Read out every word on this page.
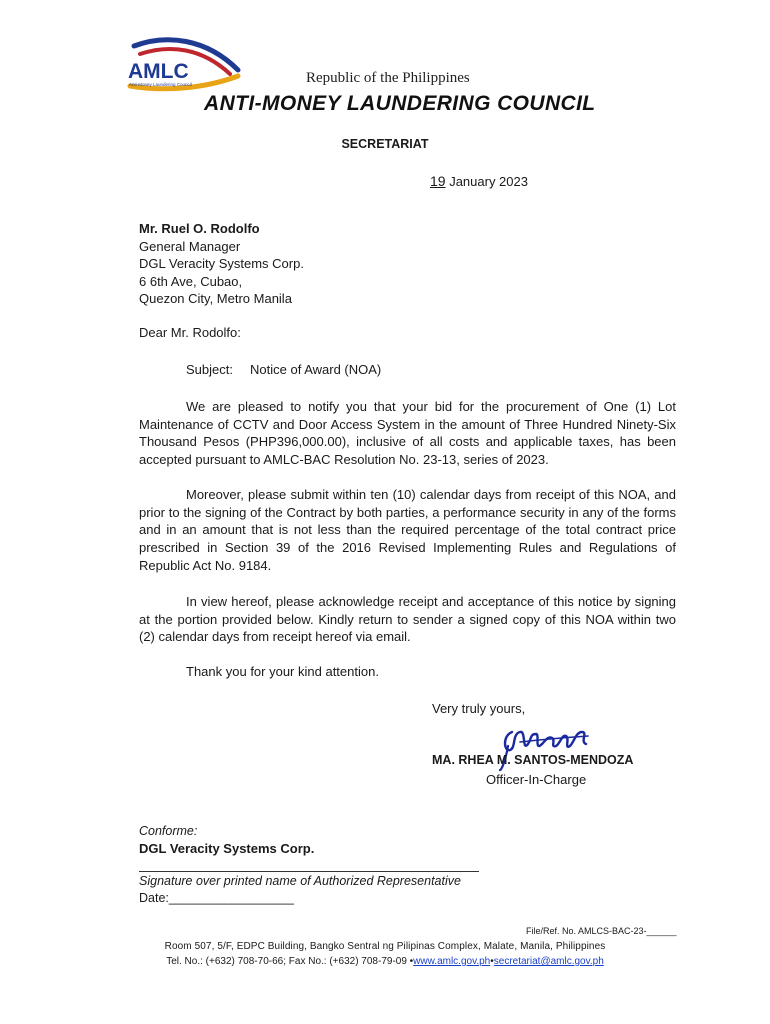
AMLC
Anti-Money Laundering Council	Republic of the Philippines
ANTI-MONEY LAUNDERING COUNCIL
SECRETARIAT
19 January 2023
Mr. Ruel O. Rodolfo
General Manager
DGL Veracity Systems Corp.
6 6th Ave, Cubao,
Quezon City, Metro Manila
Dear Mr. Rodolfo:
Subject: Notice of Award (NOA)

We are pleased to notify you that your bid for the procurement of One (1) Lot Maintenance of CCTV and Door Access System in the amount of Three Hundred Ninety-Six Thousand Pesos (PHP396,000.00), inclusive of all costs and applicable taxes, has been accepted pursuant to AMLC-BAC Resolution No. 23-13, series of 2023.

Moreover, please submit within ten (10) calendar days from receipt of this NOA, and prior to the signing of the Contract by both parties, a performance security in any of the forms and in an amount that is not less than the required percentage of the total contract price prescribed in Section 39 of the 2016 Revised Implementing Rules and Regulations of Republic Act No. 9184.

In view hereof, please acknowledge receipt and acceptance of this notice by signing at the portion provided below. Kindly return to sender a signed copy of this NOA within two (2) calendar days from receipt hereof via email.

Thank you for your kind attention.
Very truly yours,
MA. RHEA M. SANTOS-MENDOZA
Officer-In-Charge
Conforme:
DGL Veracity Systems Corp.
Signature over printed name of Authorized Representative
Date:__________________
File/Ref. No. AMLCS-BAC-23-______
Room 507, 5/F, EDPC Building, Bangko Sentral ng Pilipinas Complex, Malate, Manila, Philippines
Tel. No.: (+632) 708-70-66; Fax No.: (+632) 708-79-09 •www.amlc.gov.ph•secretariat@amlc.gov.ph
